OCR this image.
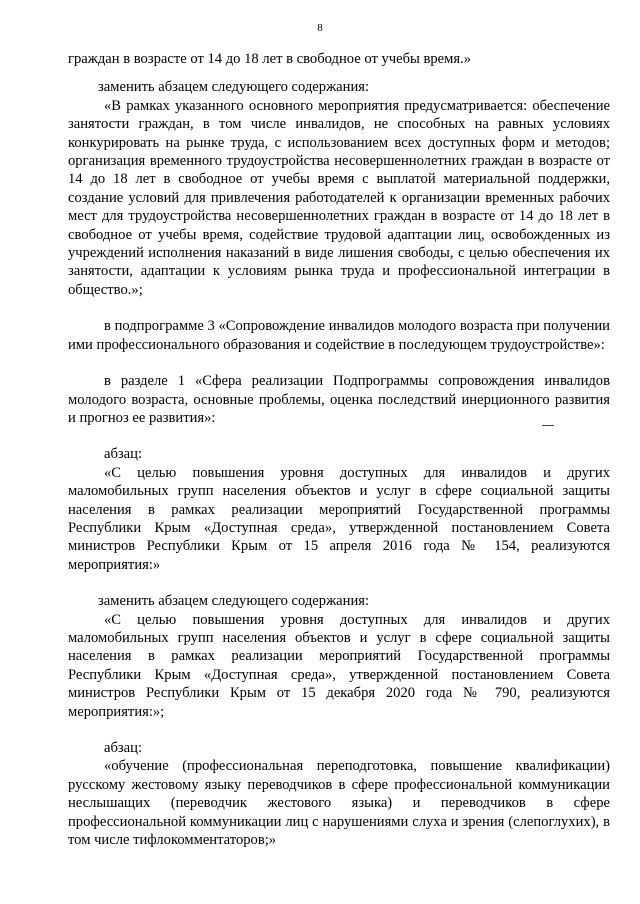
8

граждан в возрасте от 14 до 18 лет в свободное от учебы время.»

заменить абзацем следующего содержания:

«В рамках указанного основного мероприятия предусматривается: обеспечение занятости граждан, в том числе инвалидов, не способных на равных условиях конкурировать на рынке труда, с использованием всех доступных форм и методов; организация временного трудоустройства несовершеннолетних граждан в возрасте от 14 до 18 лет в свободное от учебы время с выплатой материальной поддержки, создание условий для привлечения работодателей к организации временных рабочих мест для трудоустройства несовершеннолетних граждан в возрасте от 14 до 18 лет в свободное от учебы время, содействие трудовой адаптации лиц, освобожденных из учреждений исполнения наказаний в виде лишения свободы, с целью обеспечения их занятости, адаптации к условиям рынка труда и профессиональной интеграции в общество.»;

в подпрограмме 3 «Сопровождение инвалидов молодого возраста при получении ими профессионального образования и содействие в последующем трудоустройстве»:

в разделе 1 «Сфера реализации Подпрограммы сопровождения инвалидов молодого возраста, основные проблемы, оценка последствий инерционного развития и прогноз ее развития»:

абзац:

«С целью повышения уровня доступных для инвалидов и других маломобильных групп населения объектов и услуг в сфере социальной защиты населения в рамках реализации мероприятий Государственной программы Республики Крым «Доступная среда», утвержденной постановлением Совета министров Республики Крым от 15 апреля 2016 года № 154, реализуются мероприятия:»

заменить абзацем следующего содержания:

«С целью повышения уровня доступных для инвалидов и других маломобильных групп населения объектов и услуг в сфере социальной защиты населения в рамках реализации мероприятий Государственной программы Республики Крым «Доступная среда», утвержденной постановлением Совета министров Республики Крым от 15 декабря 2020 года № 790, реализуются мероприятия:»;

абзац:

«обучение (профессиональная переподготовка, повышение квалификации) русскому жестовому языку переводчиков в сфере профессиональной коммуникации неслышащих (переводчик жестового языка) и переводчиков в сфере профессиональной коммуникации лиц с нарушениями слуха и зрения (слепоглухих), в том числе тифлокомментаторов;»
